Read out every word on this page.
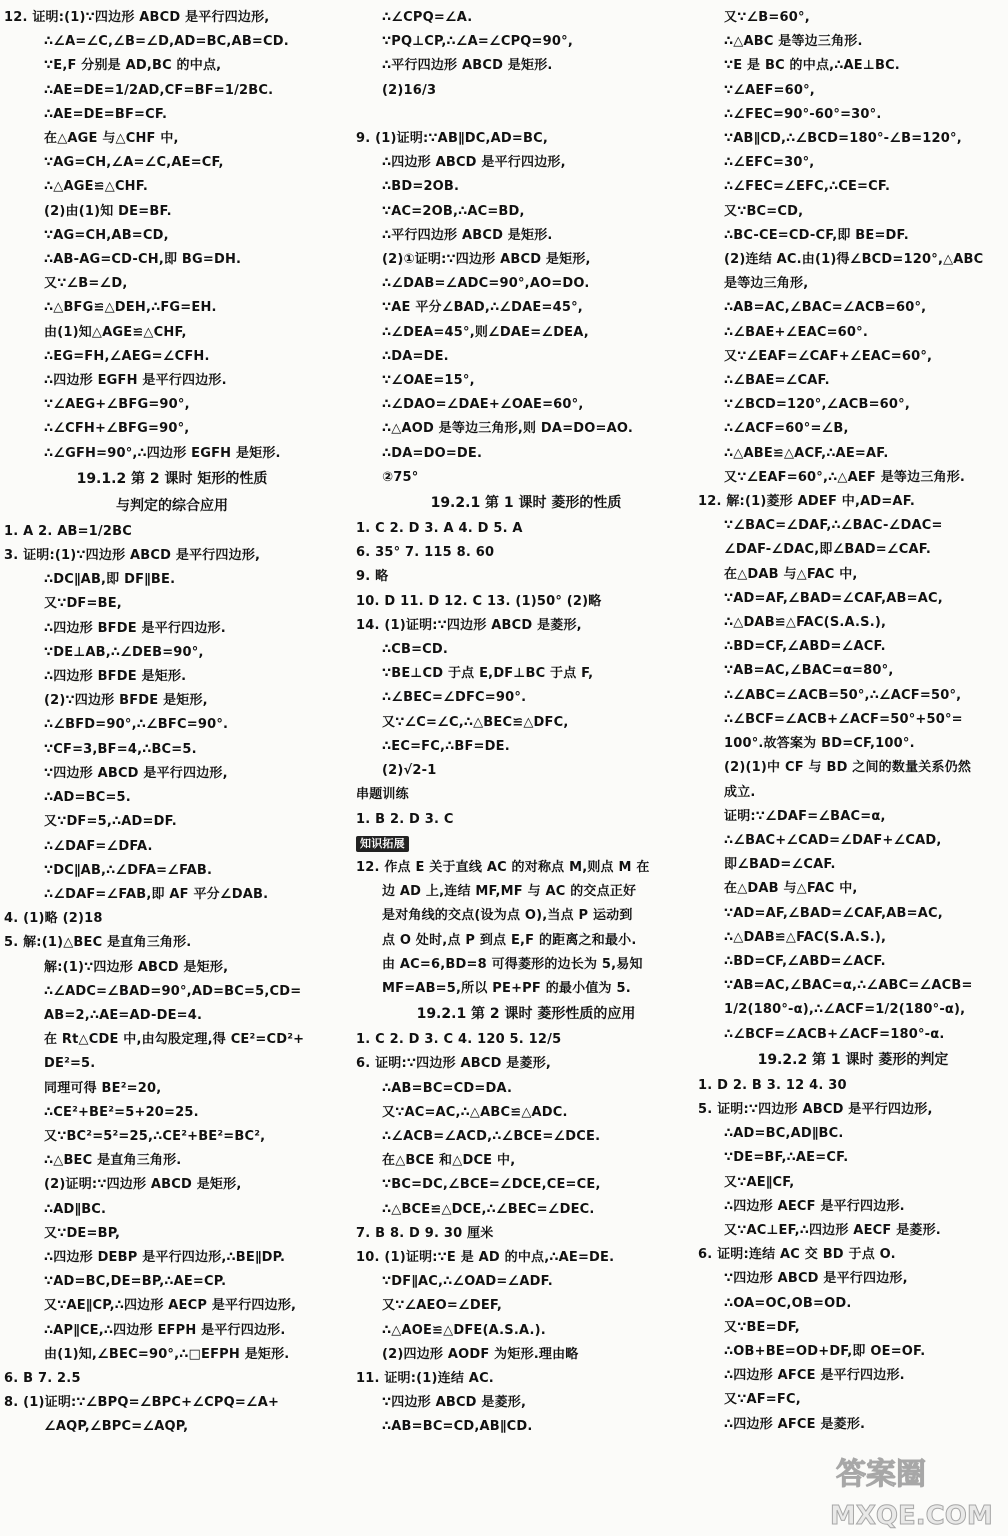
12. 证明:(1)∵四边形 ABCD 是平行四边形,
∴∠A=∠C,∠B=∠D,AD=BC,AB=CD.
∵E,F 分别是 AD,BC 的中点,
∴AE=DE=1/2AD,CF=BF=1/2BC.
∴AE=DE=BF=CF.
在△AGE 与△CHF 中,
∵AG=CH,∠A=∠C,AE=CF,
∴△AGE≌△CHF.
(2)由(1)知 DE=BF.
∵AG=CH,AB=CD,
∴AB-AG=CD-CH,即 BG=DH.
又∵∠B=∠D,
∴△BFG≌△DEH,∴FG=EH.
由(1)知△AGE≌△CHF,
∴EG=FH,∠AEG=∠CFH.
∴四边形 EGFH 是平行四边形.
∵∠AEG+∠BFG=90°,
∴∠CFH+∠BFG=90°,
∴∠GFH=90°,∴四边形 EGFH 是矩形.
19.1.2 第 2 课时 矩形的性质
与判定的综合应用
1. A 2. AB=1/2BC
3. 证明:(1)∵四边形 ABCD 是平行四边形,
∴DC∥AB,即 DF∥BE.
又∵DF=BE,
∴四边形 BFDE 是平行四边形.
∵DE⊥AB,∴∠DEB=90°,
∴四边形 BFDE 是矩形.
(2)∵四边形 BFDE 是矩形,
∴∠BFD=90°,∴∠BFC=90°.
∵CF=3,BF=4,∴BC=5.
∵四边形 ABCD 是平行四边形,
∴AD=BC=5.
又∵DF=5,∴AD=DF.
∴∠DAF=∠DFA.
∵DC∥AB,∴∠DFA=∠FAB.
∴∠DAF=∠FAB,即 AF 平分∠DAB.
4. (1)略 (2)18
5. 解:(1)△BEC 是直角三角形.
解:(1)∵四边形 ABCD 是矩形,
∴∠ADC=∠BAD=90°,AD=BC=5,CD=
AB=2,∴AE=AD-DE=4.
在 Rt△CDE 中,由勾股定理,得 CE²=CD²+
DE²=5.
同理可得 BE²=20,
∴CE²+BE²=5+20=25.
又∵BC²=5²=25,∴CE²+BE²=BC²,
∴△BEC 是直角三角形.
(2)证明:∵四边形 ABCD 是矩形,
∴AD∥BC.
又∵DE=BP,
∴四边形 DEBP 是平行四边形,∴BE∥DP.
∵AD=BC,DE=BP,∴AE=CP.
又∵AE∥CP,∴四边形 AECP 是平行四边形,
∴AP∥CE,∴四边形 EFPH 是平行四边形.
由(1)知,∠BEC=90°,∴□EFPH 是矩形.
6. B 7. 2.5
8. (1)证明:∵∠BPQ=∠BPC+∠CPQ=∠A+
∠AQP,∠BPC=∠AQP,
∴∠CPQ=∠A.
∵PQ⊥CP,∴∠A=∠CPQ=90°,
∴平行四边形 ABCD 是矩形.
(2)16/3

9. (1)证明:∵AB∥DC,AD=BC,
∴四边形 ABCD 是平行四边形,
∴BD=2OB.
∵AC=2OB,∴AC=BD,
∴平行四边形 ABCD 是矩形.
(2)①证明:∵四边形 ABCD 是矩形,
∴∠DAB=∠ADC=90°,AO=DO.
∵AE 平分∠BAD,∴∠DAE=45°,
∴∠DEA=45°,则∠DAE=∠DEA,
∴DA=DE.
∵∠OAE=15°,
∴∠DAO=∠DAE+∠OAE=60°,
∴△AOD 是等边三角形,则 DA=DO=AO.
∴DA=DO=DE.
②75°
19.2.1 第 1 课时 菱形的性质
1. C 2. D 3. A 4. D 5. A
6. 35° 7. 115 8. 60
9. 略
10. D 11. D 12. C 13. (1)50° (2)略
14. (1)证明:∵四边形 ABCD 是菱形,
∴CB=CD.
∵BE⊥CD 于点 E,DF⊥BC 于点 F,
∴∠BEC=∠DFC=90°.
又∵∠C=∠C,∴△BEC≌△DFC,
∴EC=FC,∴BF=DE.
(2)√2-1
串题训练
1. B 2. D 3. C
知识拓展
12. 作点 E 关于直线 AC 的对称点 M,则点 M 在
边 AD 上,连结 MF,MF 与 AC 的交点正好
是对角线的交点(设为点 O),当点 P 运动到
点 O 处时,点 P 到点 E,F 的距离之和最小.
由 AC=6,BD=8 可得菱形的边长为 5,易知
MF=AB=5,所以 PE+PF 的最小值为 5.
19.2.1 第 2 课时 菱形性质的应用
1. C 2. D 3. C 4. 120 5. 12/5
6. 证明:∵四边形 ABCD 是菱形,
∴AB=BC=CD=DA.
又∵AC=AC,∴△ABC≌△ADC.
∴∠ACB=∠ACD,∴∠BCE=∠DCE.
在△BCE 和△DCE 中,
∵BC=DC,∠BCE=∠DCE,CE=CE,
∴△BCE≌△DCE,∴∠BEC=∠DEC.
7. B 8. D 9. 30 厘米
10. (1)证明:∵E 是 AD 的中点,∴AE=DE.
∵DF∥AC,∴∠OAD=∠ADF.
又∵∠AEO=∠DEF,
∴△AOE≌△DFE(A.S.A.).
(2)四边形 AODF 为矩形.理由略
11. 证明:(1)连结 AC.
∵四边形 ABCD 是菱形,
∴AB=BC=CD,AB∥CD.
又∵∠B=60°,
∴△ABC 是等边三角形.
∵E 是 BC 的中点,∴AE⊥BC.
∵∠AEF=60°,
∴∠FEC=90°-60°=30°.
∵AB∥CD,∴∠BCD=180°-∠B=120°,
∴∠EFC=30°,
∴∠FEC=∠EFC,∴CE=CF.
又∵BC=CD,
∴BC-CE=CD-CF,即 BE=DF.
(2)连结 AC.由(1)得∠BCD=120°,△ABC
是等边三角形,
∴AB=AC,∠BAC=∠ACB=60°,
∴∠BAE+∠EAC=60°.
又∵∠EAF=∠CAF+∠EAC=60°,
∴∠BAE=∠CAF.
∵∠BCD=120°,∠ACB=60°,
∴∠ACF=60°=∠B,
∴△ABE≌△ACF,∴AE=AF.
又∵∠EAF=60°,∴△AEF 是等边三角形.
12. 解:(1)菱形 ADEF 中,AD=AF.
∵∠BAC=∠DAF,∴∠BAC-∠DAC=
∠DAF-∠DAC,即∠BAD=∠CAF.
在△DAB 与△FAC 中,
∵AD=AF,∠BAD=∠CAF,AB=AC,
∴△DAB≌△FAC(S.A.S.),
∴BD=CF,∠ABD=∠ACF.
∵AB=AC,∠BAC=α=80°,
∴∠ABC=∠ACB=50°,∴∠ACF=50°,
∴∠BCF=∠ACB+∠ACF=50°+50°=
100°.故答案为 BD=CF,100°.
(2)(1)中 CF 与 BD 之间的数量关系仍然
成立.
证明:∵∠DAF=∠BAC=α,
∴∠BAC+∠CAD=∠DAF+∠CAD,
即∠BAD=∠CAF.
在△DAB 与△FAC 中,
∵AD=AF,∠BAD=∠CAF,AB=AC,
∴△DAB≌△FAC(S.A.S.),
∴BD=CF,∠ABD=∠ACF.
∵AB=AC,∠BAC=α,∴∠ABC=∠ACB=
1/2(180°-α),∴∠ACF=1/2(180°-α),
∴∠BCF=∠ACB+∠ACF=180°-α.
19.2.2 第 1 课时 菱形的判定
1. D 2. B 3. 12 4. 30
5. 证明:∵四边形 ABCD 是平行四边形,
∴AD=BC,AD∥BC.
∵DE=BF,∴AE=CF.
又∵AE∥CF,
∴四边形 AECF 是平行四边形.
又∵AC⊥EF,∴四边形 AECF 是菱形.
6. 证明:连结 AC 交 BD 于点 O.
∵四边形 ABCD 是平行四边形,
∴OA=OC,OB=OD.
又∵BE=DF,
∴OB+BE=OD+DF,即 OE=OF.
∴四边形 AFCE 是平行四边形.
又∵AF=FC,
∴四边形 AFCE 是菱形.
答案圈
MXQE.COM
